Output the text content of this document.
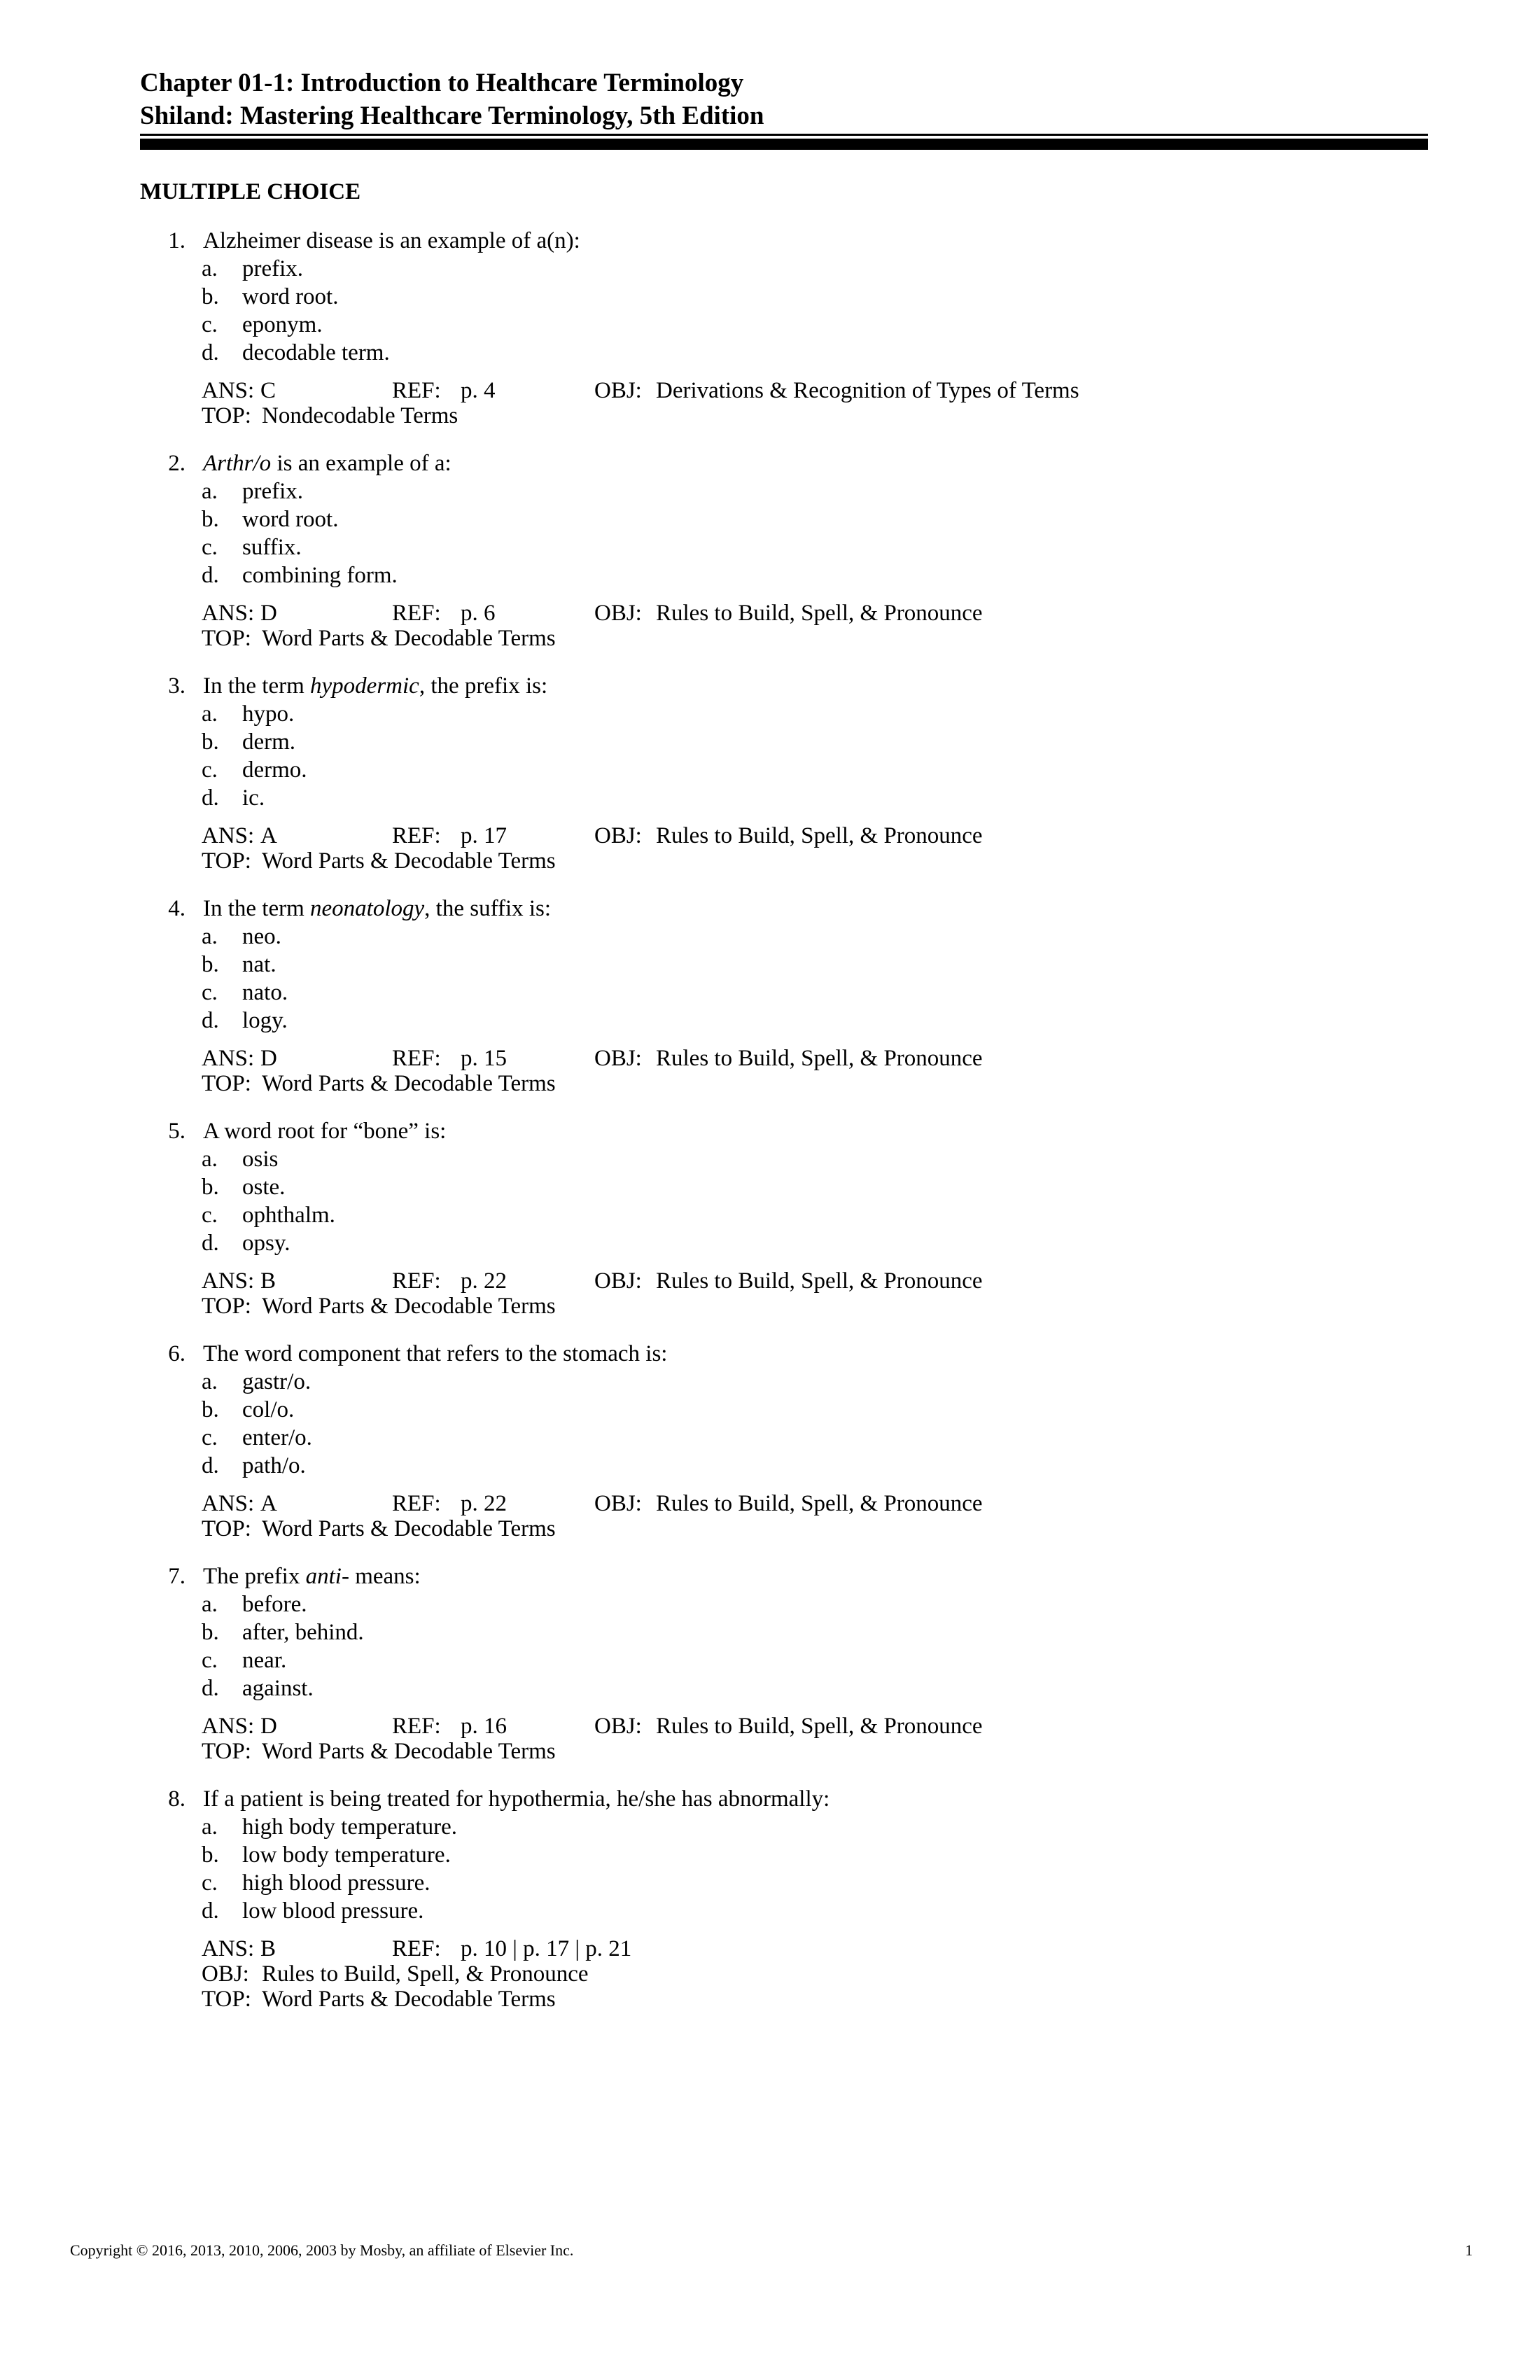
Chapter 01-1: Introduction to Healthcare Terminology
Shiland: Mastering Healthcare Terminology, 5th Edition
MULTIPLE CHOICE
1. Alzheimer disease is an example of a(n):
a.	prefix.
b.	word root.
c.	eponym.
d.	decodable term.
ANS: C	REF: p. 4	OBJ: Derivations & Recognition of Types of Terms
TOP: Nondecodable Terms
2. Arthr/o is an example of a:
a.	prefix.
b.	word root.
c.	suffix.
d.	combining form.
ANS: D	REF: p. 6	OBJ: Rules to Build, Spell, & Pronounce
TOP: Word Parts & Decodable Terms
3. In the term hypodermic, the prefix is:
a.	hypo.
b.	derm.
c.	dermo.
d.	ic.
ANS: A	REF: p. 17	OBJ: Rules to Build, Spell, & Pronounce
TOP: Word Parts & Decodable Terms
4. In the term neonatology, the suffix is:
a.	neo.
b.	nat.
c.	nato.
d.	logy.
ANS: D	REF: p. 15	OBJ: Rules to Build, Spell, & Pronounce
TOP: Word Parts & Decodable Terms
5. A word root for “bone” is:
a.	osis
b.	oste.
c.	ophthalm.
d.	opsy.
ANS: B	REF: p. 22	OBJ: Rules to Build, Spell, & Pronounce
TOP: Word Parts & Decodable Terms
6. The word component that refers to the stomach is:
a.	gastr/o.
b.	col/o.
c.	enter/o.
d.	path/o.
ANS: A	REF: p. 22	OBJ: Rules to Build, Spell, & Pronounce
TOP: Word Parts & Decodable Terms
7. The prefix anti- means:
a.	before.
b.	after, behind.
c.	near.
d.	against.
ANS: D	REF: p. 16	OBJ: Rules to Build, Spell, & Pronounce
TOP: Word Parts & Decodable Terms
8. If a patient is being treated for hypothermia, he/she has abnormally:
a.	high body temperature.
b.	low body temperature.
c.	high blood pressure.
d.	low blood pressure.
ANS: B	REF: p. 10 | p. 17 | p. 21
OBJ: Rules to Build, Spell, & Pronounce
TOP: Word Parts & Decodable Terms
Copyright © 2016, 2013, 2010, 2006, 2003 by Mosby, an affiliate of Elsevier Inc.	1
